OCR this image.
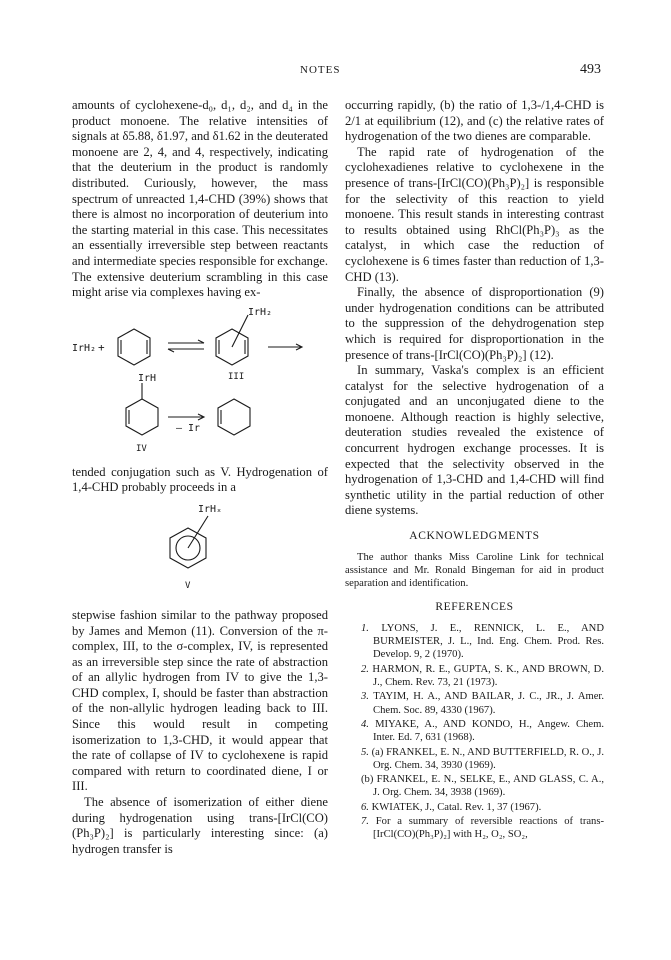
NOTES	493

amounts of cyclohexene-d₀, d₁, d₂, and d₄ in the product monoene. The relative intensities of signals at δ5.88, δ1.97, and δ1.62 in the deuterated monoene are 2, 4, and 4, respectively, indicating that the deuterium in the product is randomly distributed. Curiously, however, the mass spectrum of unreacted 1,4-CHD (39%) shows that there is almost no incorporation of deuterium into the starting material in this case. This necessitates an essentially irreversible step between reactants and intermediate species responsible for exchange. The extensive deuterium scrambling in this case might arise via complexes having ex-

IrH₂ +
IrH₂
III
IrH
– Ir
IV

tended conjugation such as V. Hydrogenation of 1,4-CHD probably proceeds in a

IrHₓ
V

stepwise fashion similar to the pathway proposed by James and Memon (11). Conversion of the π-complex, III, to the σ-complex, IV, is represented as an irreversible step since the rate of abstraction of an allylic hydrogen from IV to give the 1,3-CHD complex, I, should be faster than abstraction of the non-allylic hydrogen leading back to III. Since this would result in competing isomerization to 1,3-CHD, it would appear that the rate of collapse of IV to cyclohexene is rapid compared with return to coordinated diene, I or III.

The absence of isomerization of either diene during hydrogenation using trans-[IrCl(CO)(Ph₃P)₂] is particularly interesting since: (a) hydrogen transfer is

occurring rapidly, (b) the ratio of 1,3-/1,4-CHD is 2/1 at equilibrium (12), and (c) the relative rates of hydrogenation of the two dienes are comparable.

The rapid rate of hydrogenation of the cyclohexadienes relative to cyclohexene in the presence of trans-[IrCl(CO)(Ph₃P)₂] is responsible for the selectivity of this reaction to yield monoene. This result stands in interesting contrast to results obtained using RhCl(Ph₃P)₃ as the catalyst, in which case the reduction of cyclohexene is 6 times faster than reduction of 1,3-CHD (13).

Finally, the absence of disproportionation (9) under hydrogenation conditions can be attributed to the suppression of the dehydrogenation step which is required for disproportionation in the presence of trans-[IrCl(CO)(Ph₃P)₂] (12).

In summary, Vaska's complex is an efficient catalyst for the selective hydrogenation of a conjugated and an unconjugated diene to the monoene. Although reaction is highly selective, deuteration studies revealed the existence of concurrent hydrogen exchange processes. It is expected that the selectivity observed in the hydrogenation of 1,3-CHD and 1,4-CHD will find synthetic utility in the partial reduction of other diene systems.

ACKNOWLEDGMENTS
The author thanks Miss Caroline Link for technical assistance and Mr. Ronald Bingeman for aid in product separation and identification.
REFERENCES
1. LYONS, J. E., RENNICK, L. E., AND BURMEISTER, J. L., Ind. Eng. Chem. Prod. Res. Develop. 9, 2 (1970).
2. HARMON, R. E., GUPTA, S. K., AND BROWN, D. J., Chem. Rev. 73, 21 (1973).
3. TAYIM, H. A., AND BAILAR, J. C., JR., J. Amer. Chem. Soc. 89, 4330 (1967).
4. MIYAKE, A., AND KONDO, H., Angew. Chem. Inter. Ed. 7, 631 (1968).
5. (a) FRANKEL, E. N., AND BUTTERFIELD, R. O., J. Org. Chem. 34, 3930 (1969).
(b) FRANKEL, E. N., SELKE, E., AND GLASS, C. A., J. Org. Chem. 34, 3938 (1969).
6. KWIATEK, J., Catal. Rev. 1, 37 (1967).
7. For a summary of reversible reactions of trans-[IrCl(CO)(Ph₃P)₂] with H₂, O₂, SO₂,
